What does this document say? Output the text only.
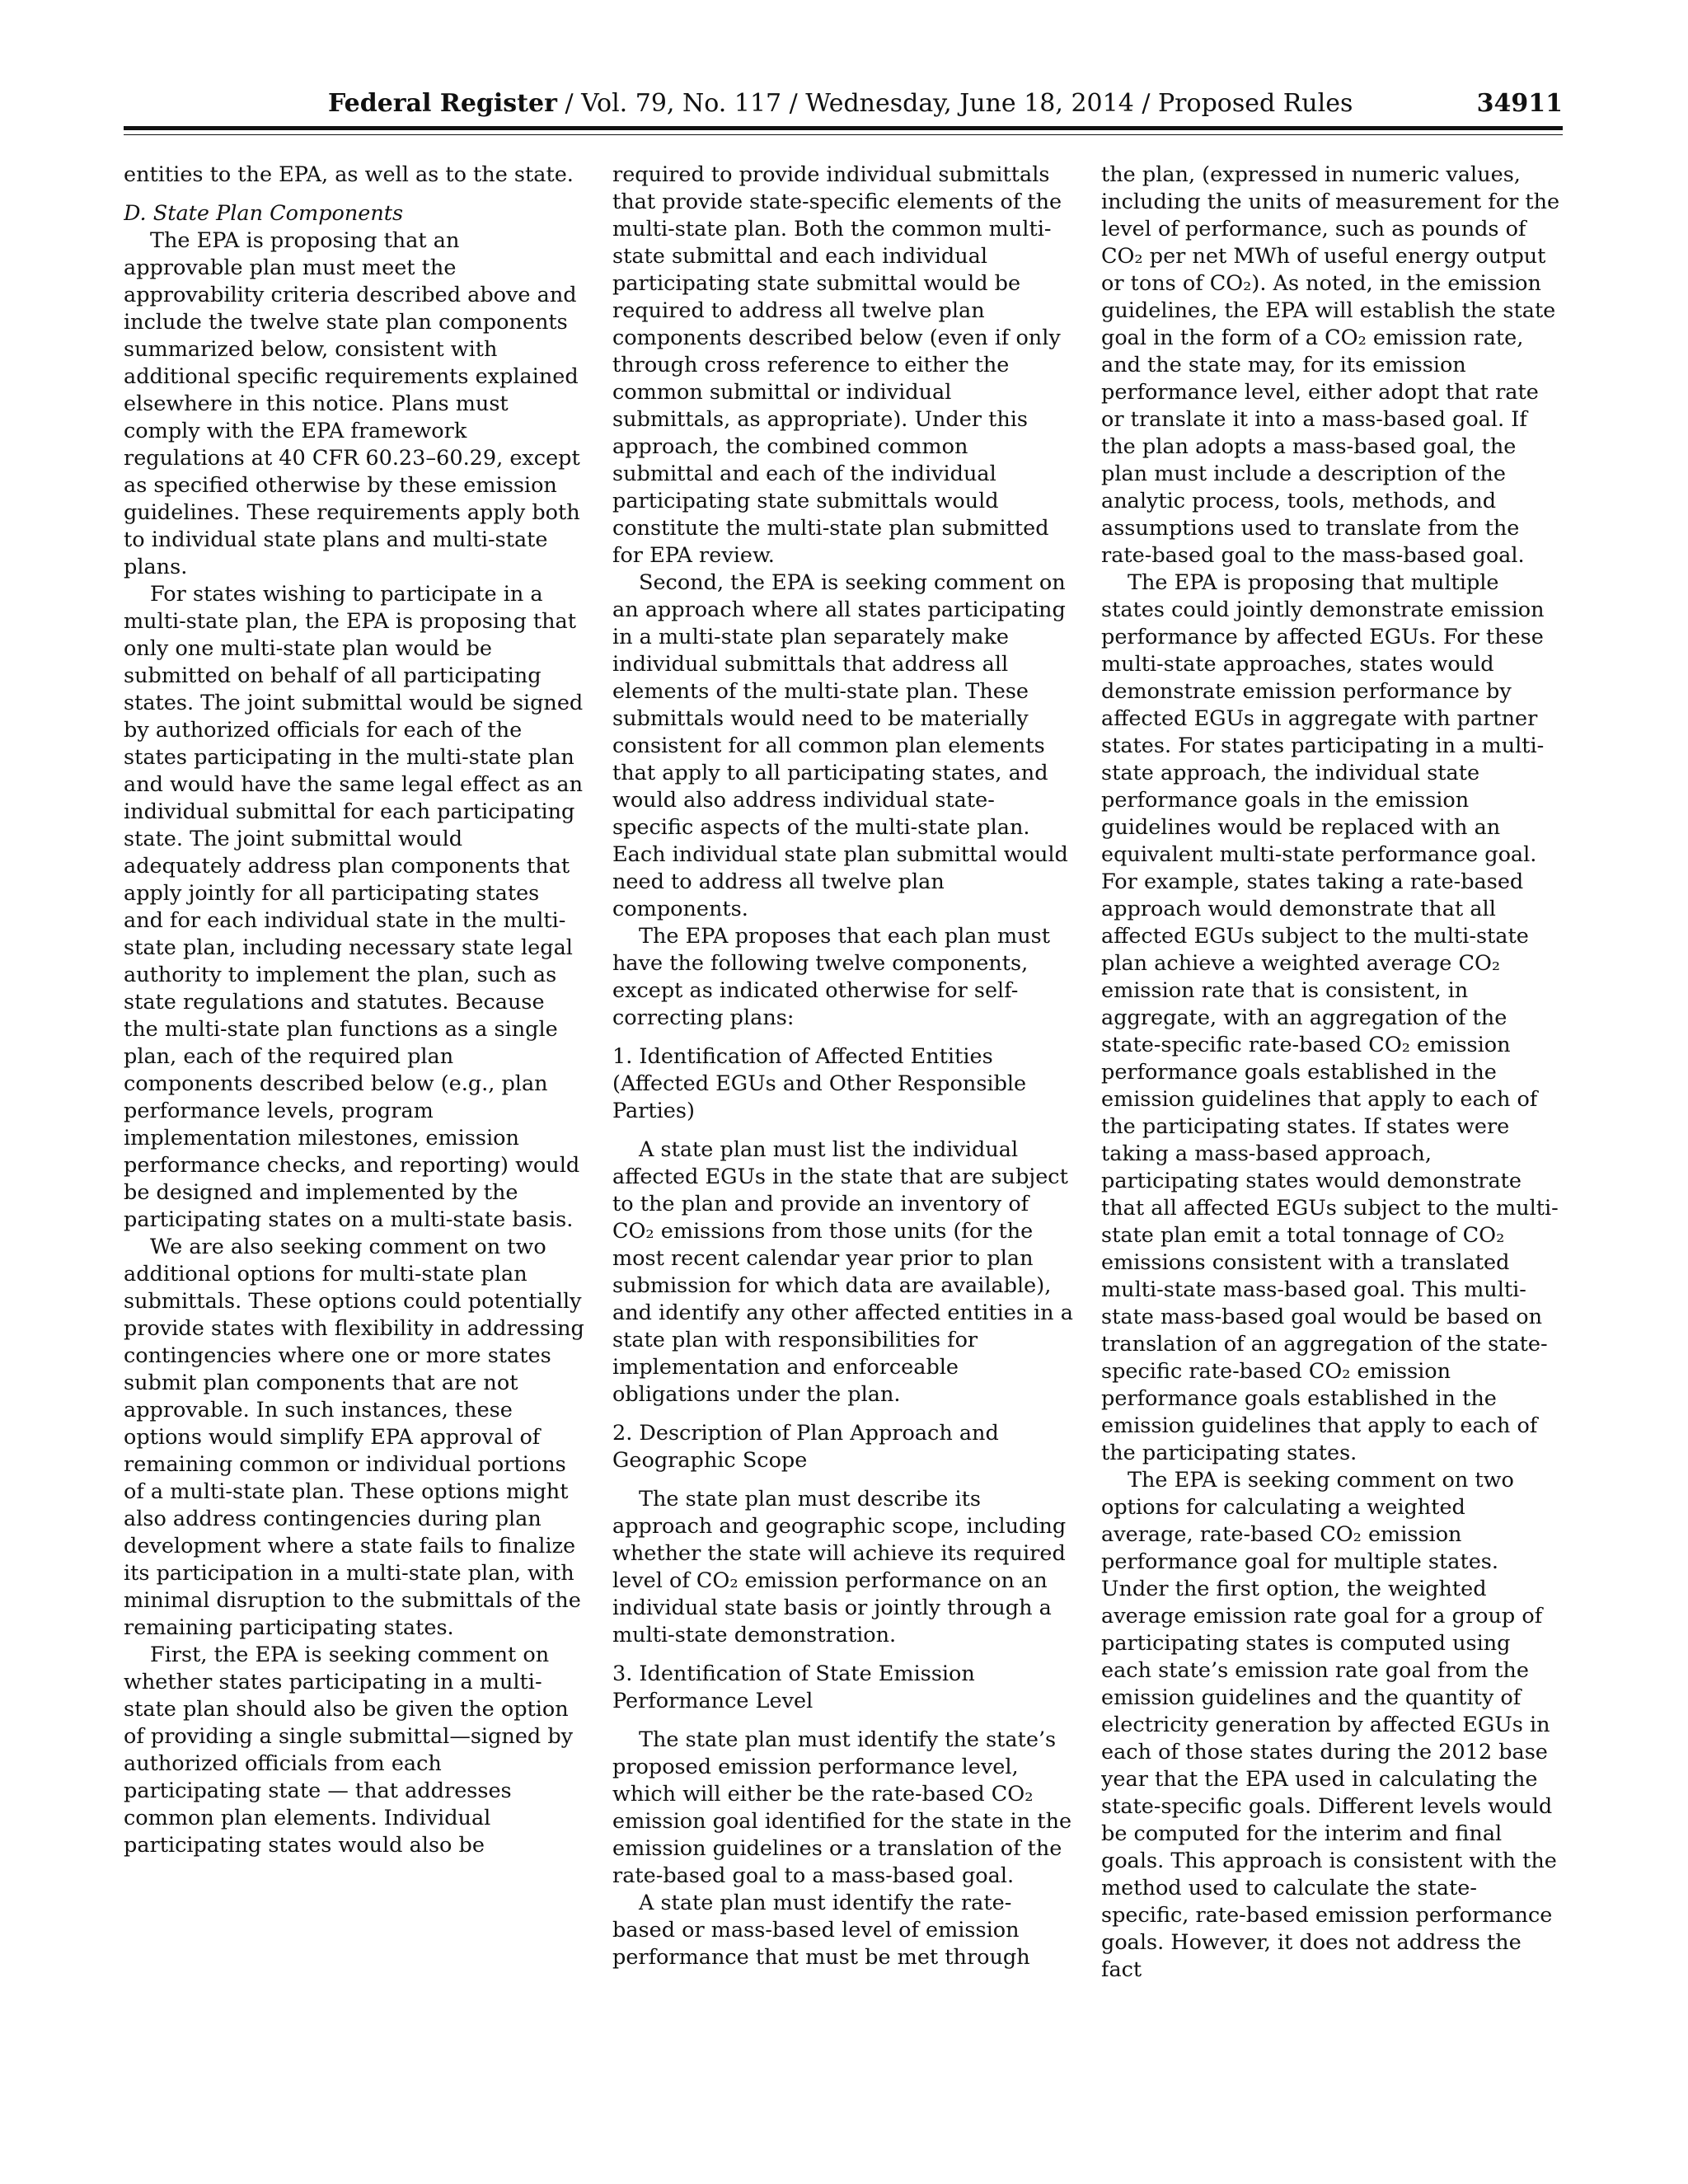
Federal Register / Vol. 79, No. 117 / Wednesday, June 18, 2014 / Proposed Rules	34911

entities to the EPA, as well as to the state.

D. State Plan Components

The EPA is proposing that an approvable plan must meet the approvability criteria described above and include the twelve state plan components summarized below, consistent with additional specific requirements explained elsewhere in this notice. Plans must comply with the EPA framework regulations at 40 CFR 60.23–60.29, except as specified otherwise by these emission guidelines. These requirements apply both to individual state plans and multi-state plans.

For states wishing to participate in a multi-state plan, the EPA is proposing that only one multi-state plan would be submitted on behalf of all participating states. The joint submittal would be signed by authorized officials for each of the states participating in the multi-state plan and would have the same legal effect as an individual submittal for each participating state. The joint submittal would adequately address plan components that apply jointly for all participating states and for each individual state in the multi-state plan, including necessary state legal authority to implement the plan, such as state regulations and statutes. Because the multi-state plan functions as a single plan, each of the required plan components described below (e.g., plan performance levels, program implementation milestones, emission performance checks, and reporting) would be designed and implemented by the participating states on a multi-state basis.

We are also seeking comment on two additional options for multi-state plan submittals. These options could potentially provide states with flexibility in addressing contingencies where one or more states submit plan components that are not approvable. In such instances, these options would simplify EPA approval of remaining common or individual portions of a multi-state plan. These options might also address contingencies during plan development where a state fails to finalize its participation in a multi-state plan, with minimal disruption to the submittals of the remaining participating states.

First, the EPA is seeking comment on whether states participating in a multi-state plan should also be given the option of providing a single submittal—signed by authorized officials from each participating state — that addresses common plan elements. Individual participating states would also be

required to provide individual submittals that provide state-specific elements of the multi-state plan. Both the common multi-state submittal and each individual participating state submittal would be required to address all twelve plan components described below (even if only through cross reference to either the common submittal or individual submittals, as appropriate). Under this approach, the combined common submittal and each of the individual participating state submittals would constitute the multi-state plan submitted for EPA review.

Second, the EPA is seeking comment on an approach where all states participating in a multi-state plan separately make individual submittals that address all elements of the multi-state plan. These submittals would need to be materially consistent for all common plan elements that apply to all participating states, and would also address individual state-specific aspects of the multi-state plan. Each individual state plan submittal would need to address all twelve plan components.

The EPA proposes that each plan must have the following twelve components, except as indicated otherwise for self-correcting plans:

1. Identification of Affected Entities (Affected EGUs and Other Responsible Parties)

A state plan must list the individual affected EGUs in the state that are subject to the plan and provide an inventory of CO₂ emissions from those units (for the most recent calendar year prior to plan submission for which data are available), and identify any other affected entities in a state plan with responsibilities for implementation and enforceable obligations under the plan.

2. Description of Plan Approach and Geographic Scope

The state plan must describe its approach and geographic scope, including whether the state will achieve its required level of CO₂ emission performance on an individual state basis or jointly through a multi-state demonstration.

3. Identification of State Emission Performance Level

The state plan must identify the state’s proposed emission performance level, which will either be the rate-based CO₂ emission goal identified for the state in the emission guidelines or a translation of the rate-based goal to a mass-based goal.

A state plan must identify the rate-based or mass-based level of emission performance that must be met through

the plan, (expressed in numeric values, including the units of measurement for the level of performance, such as pounds of CO₂ per net MWh of useful energy output or tons of CO₂). As noted, in the emission guidelines, the EPA will establish the state goal in the form of a CO₂ emission rate, and the state may, for its emission performance level, either adopt that rate or translate it into a mass-based goal. If the plan adopts a mass-based goal, the plan must include a description of the analytic process, tools, methods, and assumptions used to translate from the rate-based goal to the mass-based goal.

The EPA is proposing that multiple states could jointly demonstrate emission performance by affected EGUs. For these multi-state approaches, states would demonstrate emission performance by affected EGUs in aggregate with partner states. For states participating in a multi-state approach, the individual state performance goals in the emission guidelines would be replaced with an equivalent multi-state performance goal. For example, states taking a rate-based approach would demonstrate that all affected EGUs subject to the multi-state plan achieve a weighted average CO₂ emission rate that is consistent, in aggregate, with an aggregation of the state-specific rate-based CO₂ emission performance goals established in the emission guidelines that apply to each of the participating states. If states were taking a mass-based approach, participating states would demonstrate that all affected EGUs subject to the multi-state plan emit a total tonnage of CO₂ emissions consistent with a translated multi-state mass-based goal. This multi-state mass-based goal would be based on translation of an aggregation of the state-specific rate-based CO₂ emission performance goals established in the emission guidelines that apply to each of the participating states.

The EPA is seeking comment on two options for calculating a weighted average, rate-based CO₂ emission performance goal for multiple states. Under the first option, the weighted average emission rate goal for a group of participating states is computed using each state’s emission rate goal from the emission guidelines and the quantity of electricity generation by affected EGUs in each of those states during the 2012 base year that the EPA used in calculating the state-specific goals. Different levels would be computed for the interim and final goals. This approach is consistent with the method used to calculate the state-specific, rate-based emission performance goals. However, it does not address the fact
